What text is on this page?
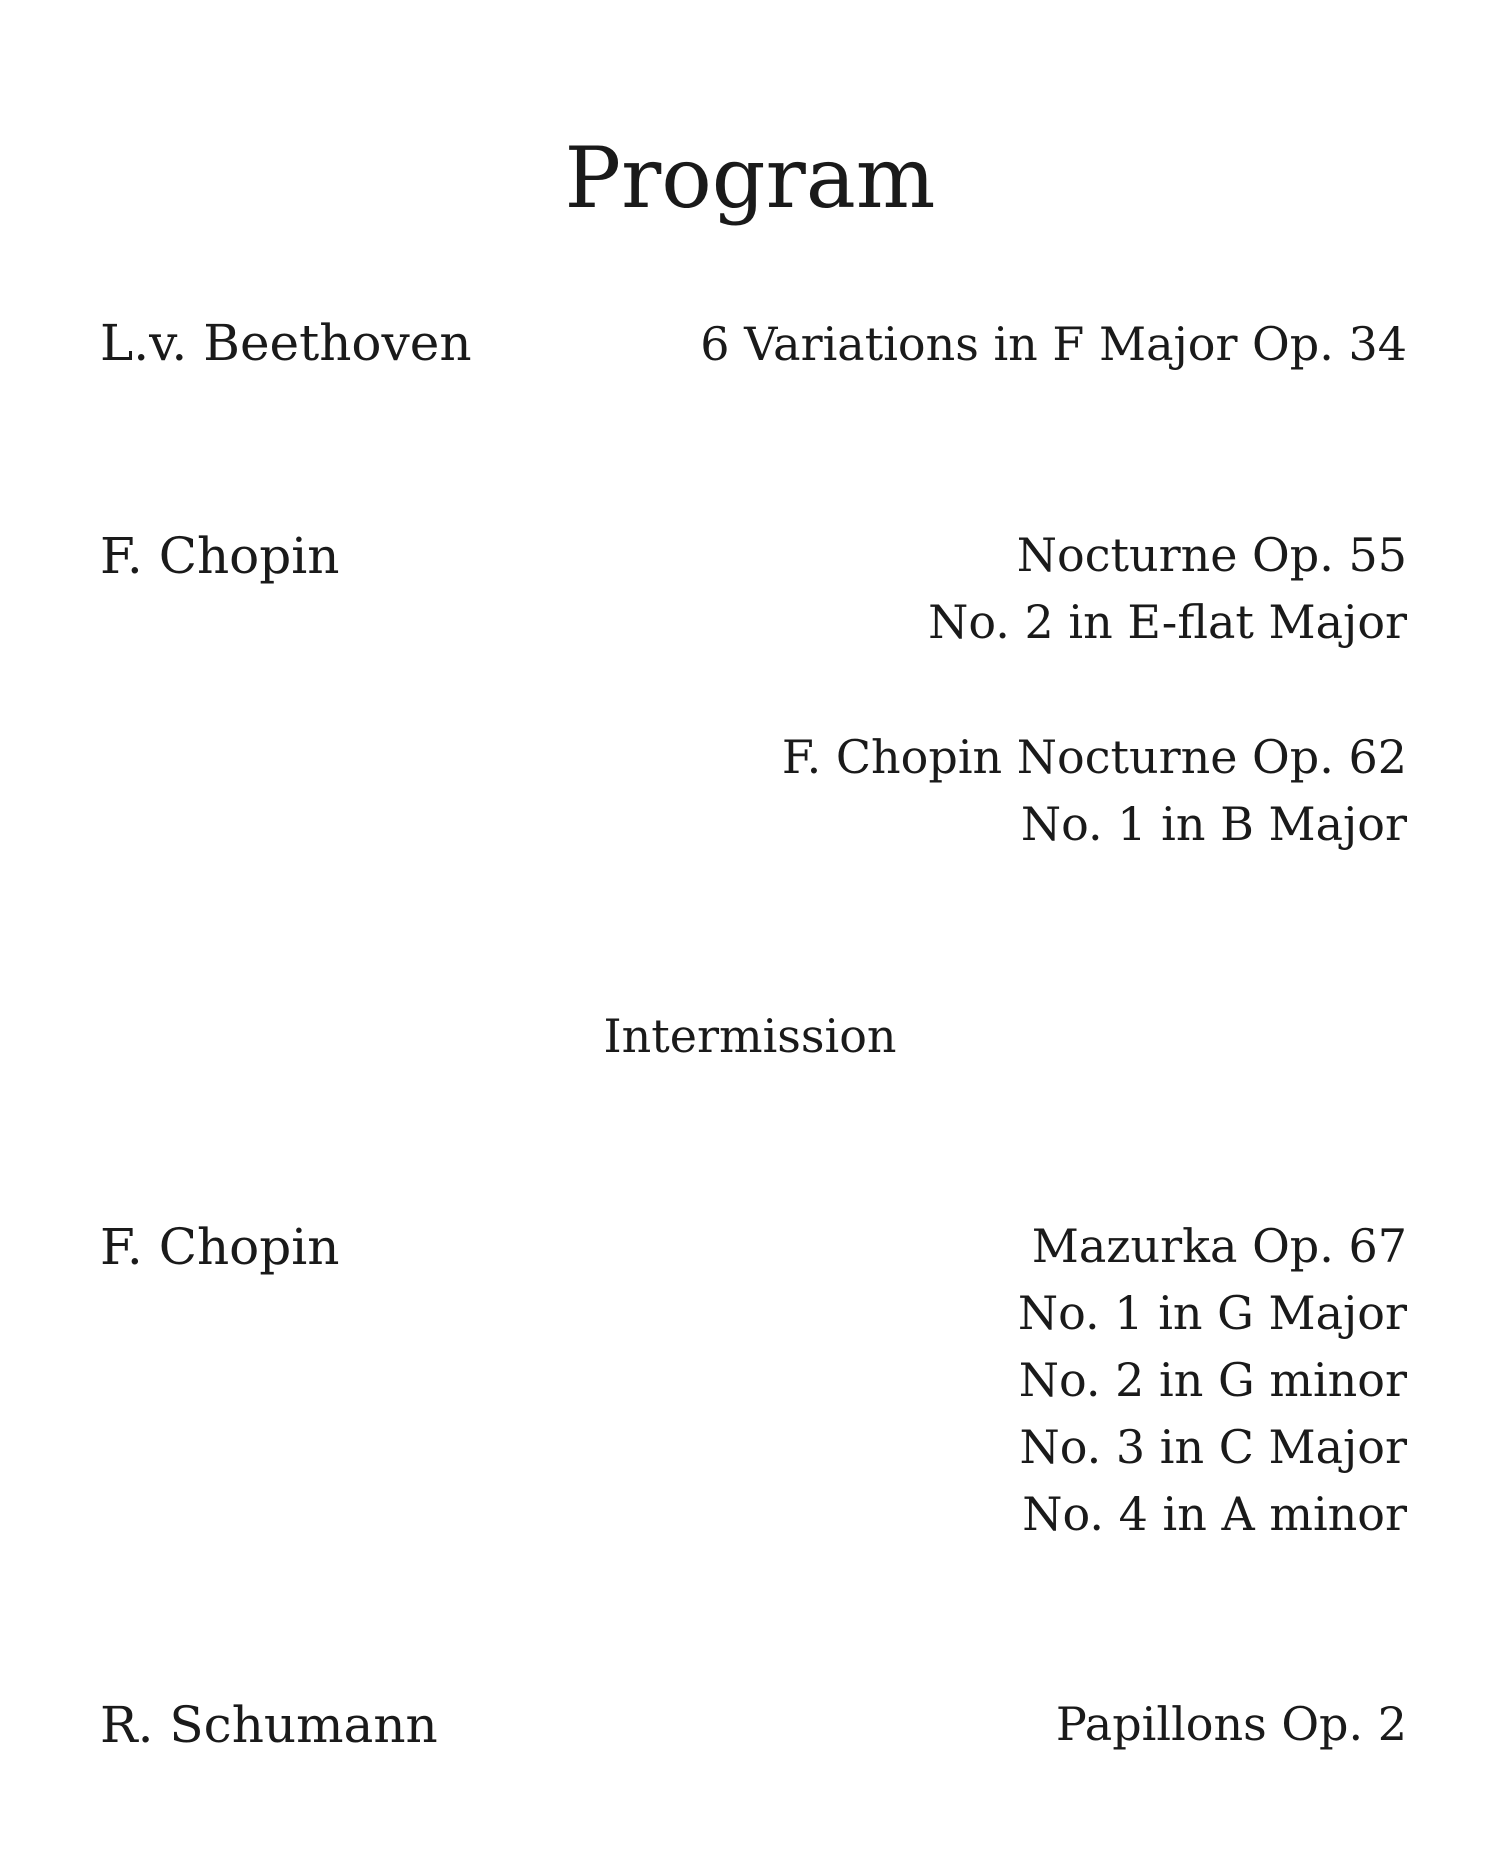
Program
L.v. Beethoven	6 Variations in F Major Op. 34
F. Chopin	Nocturne Op. 55
No. 2 in E-flat Major
F. Chopin Nocturne Op. 62
No. 1 in B Major
Intermission
F. Chopin	Mazurka Op. 67
No. 1 in G Major
No. 2 in G minor
No. 3 in C Major
No. 4 in A minor
R. Schumann	Papillons Op. 2
